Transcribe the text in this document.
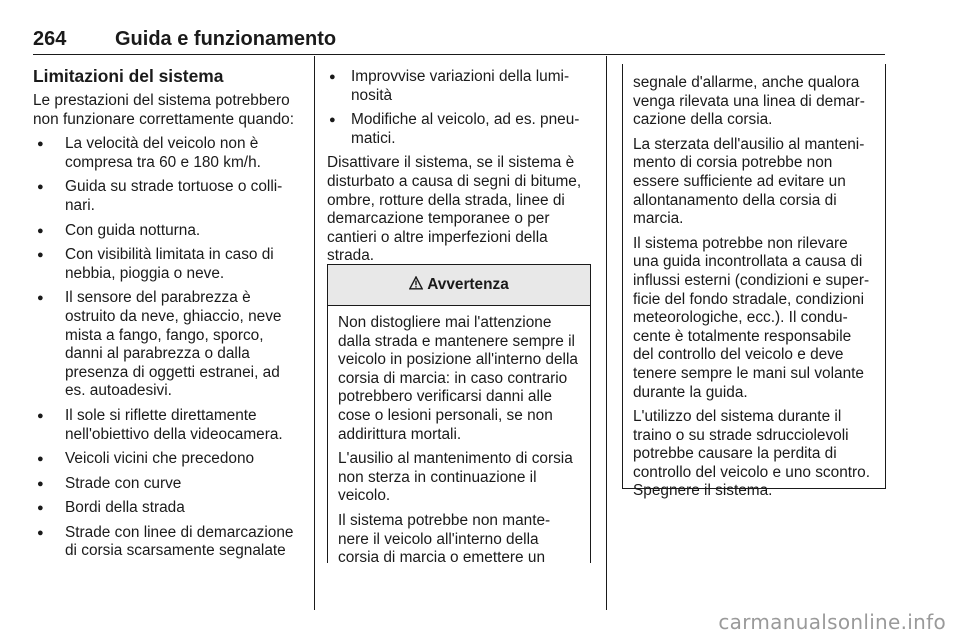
264 Guida e funzionamento
Limitazioni del sistema

Le prestazioni del sistema potrebbero non funzionare correttamente quando:

● La velocità del veicolo non è compresa tra 60 e 180 km/h.
● Guida su strade tortuose o colli-nari.
● Con guida notturna.
● Con visibilità limitata in caso di nebbia, pioggia o neve.
● Il sensore del parabrezza è ostruito da neve, ghiaccio, neve mista a fango, fango, sporco, danni al parabrezza o dalla presenza di oggetti estranei, ad es. autoadesivi.
● Il sole si riflette direttamente nell'obiettivo della videocamera.
● Veicoli vicini che precedono
● Strade con curve
● Bordi della strada
● Strade con linee di demarcazione di corsia scarsamente segnalate
● Improvvise variazioni della lumi-nosità
● Modifiche al veicolo, ad es. pneu-matici.

Disattivare il sistema, se il sistema è disturbato a causa di segni di bitume, ombre, rotture della strada, linee di demarcazione temporanee o per cantieri o altre imperfezioni della strada.

Avvertenza

Non distogliere mai l'attenzione dalla strada e mantenere sempre il veicolo in posizione all'interno della corsia di marcia: in caso contrario potrebbero verificarsi danni alle cose o lesioni personali, se non addirittura mortali.

L'ausilio al mantenimento di corsia non sterza in continuazione il veicolo.

Il sistema potrebbe non mante-nere il veicolo all'interno della corsia di marcia o emettere un

segnale d'allarme, anche qualora venga rilevata una linea di demar-cazione della corsia.

La sterzata dell'ausilio al manteni-mento di corsia potrebbe non essere sufficiente ad evitare un allontanamento della corsia di marcia.

Il sistema potrebbe non rilevare una guida incontrollata a causa di influssi esterni (condizioni e super-ficie del fondo stradale, condizioni meteorologiche, ecc.). Il condu-cente è totalmente responsabile del controllo del veicolo e deve tenere sempre le mani sul volante durante la guida.

L'utilizzo del sistema durante il traino o su strade sdrucciolevoli potrebbe causare la perdita di controllo del veicolo e uno scontro. Spegnere il sistema.

carmanualsonline.info
